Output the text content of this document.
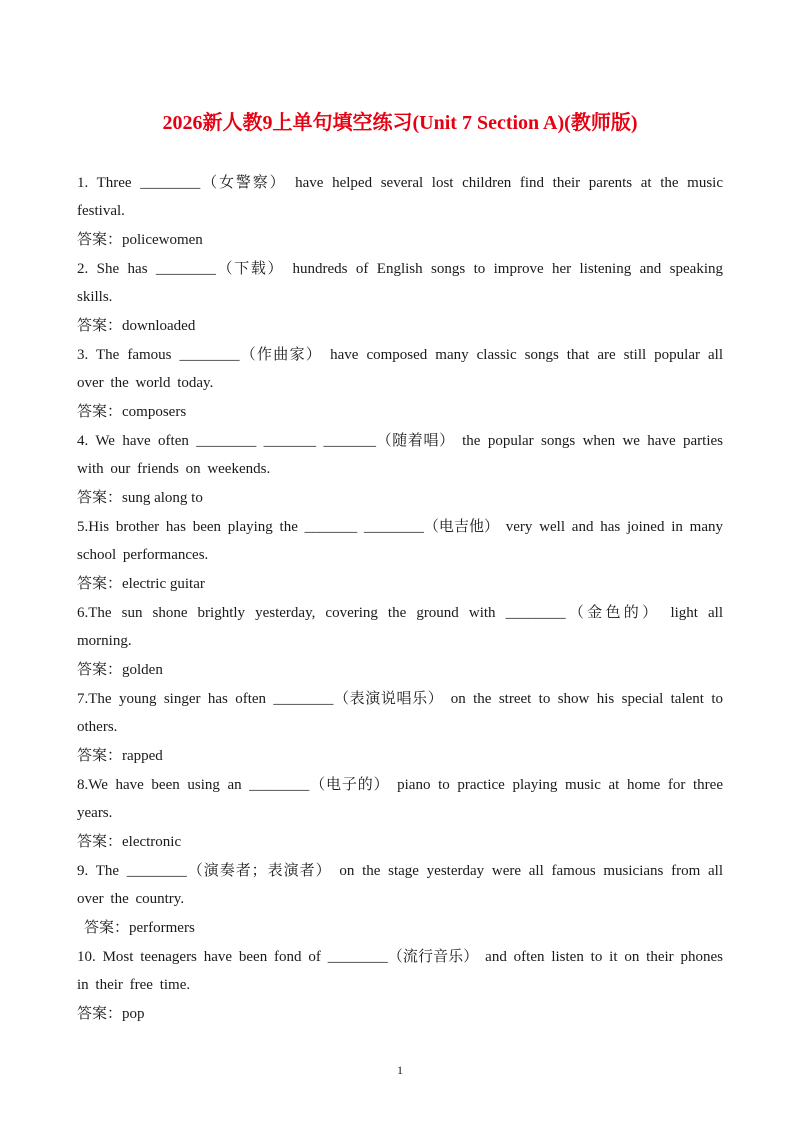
2026新人教9上单句填空练习(Unit 7 Section A)(教师版)

1. Three ________（女警察） have helped several lost children find their parents at the music festival.

答案：policewomen

2. She has ________（下载） hundreds of English songs to improve her listening and speaking skills.

答案：downloaded

3. The famous ________（作曲家） have composed many classic songs that are still popular all over the world today.

答案：composers

4. We have often ________ _______ _______（随着唱） the popular songs when we have parties with our friends on weekends.

答案：sung along to

5.His brother has been playing the _______ ________（电吉他） very well and has joined in many school performances.

答案：electric guitar

6.The sun shone brightly yesterday, covering the ground with ________（金色的） light all morning.

答案：golden

7.The young singer has often ________（表演说唱乐） on the street to show his special talent to others.

答案：rapped

8.We have been using an ________（电子的） piano to practice playing music at home for three years.

答案：electronic

9. The ________（演奏者；表演者） on the stage yesterday were all famous musicians from all over the country.

答案：performers

10. Most teenagers have been fond of ________（流行音乐） and often listen to it on their phones in their free time.

答案：pop

1
